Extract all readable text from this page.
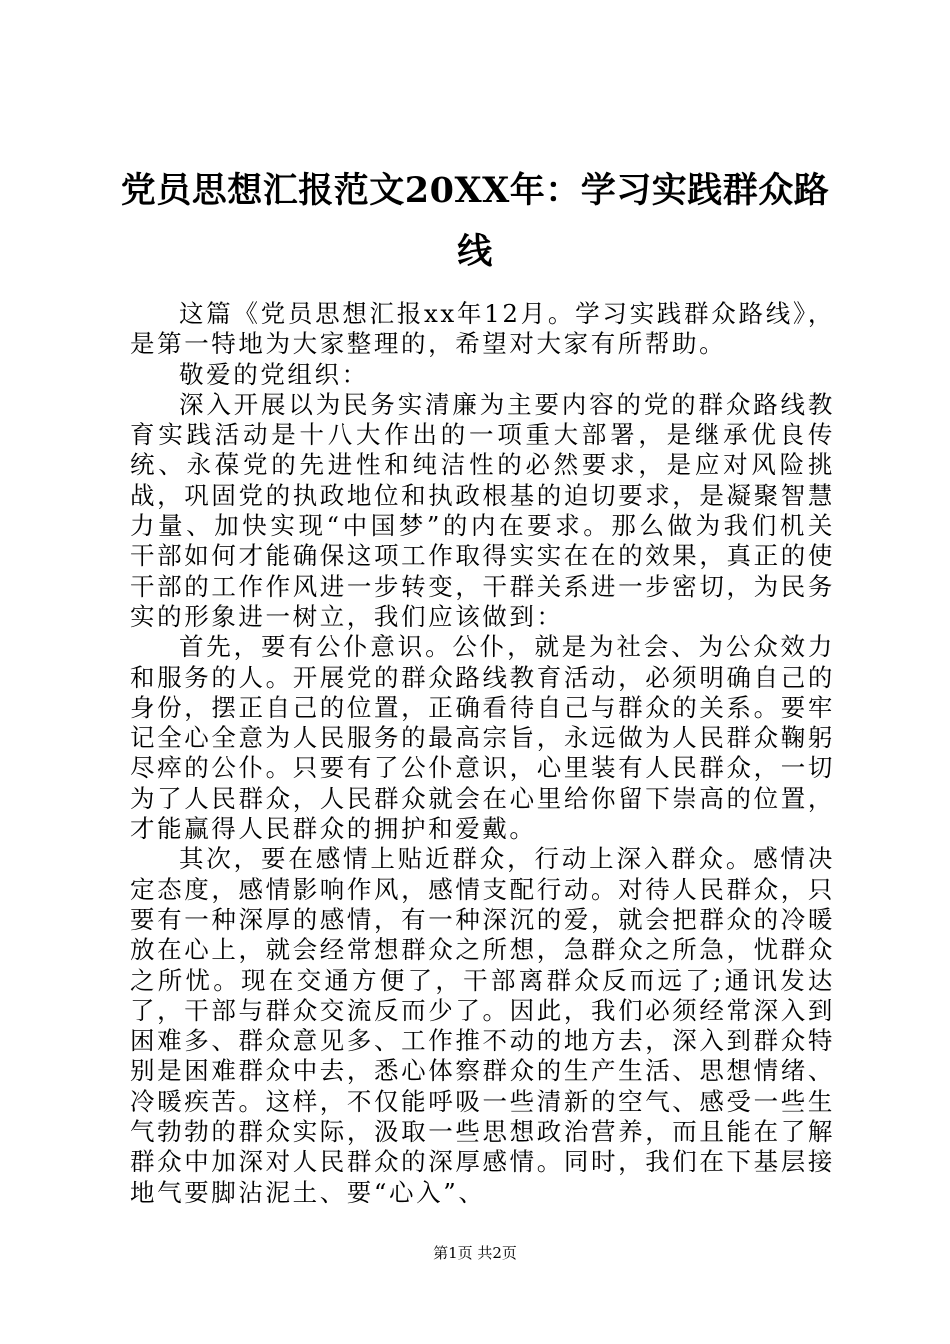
党员思想汇报范文20XX年：学习实践群众路线

这篇《党员思想汇报xx年12月。学习实践群众路线》，是第一特地为大家整理的，希望对大家有所帮助。

敬爱的党组织：

深入开展以为民务实清廉为主要内容的党的群众路线教育实践活动是十八大作出的一项重大部署，是继承优良传统、永葆党的先进性和纯洁性的必然要求，是应对风险挑战，巩固党的执政地位和执政根基的迫切要求，是凝聚智慧力量、加快实现“中国梦”的内在要求。那么做为我们机关干部如何才能确保这项工作取得实实在在的效果，真正的使干部的工作作风进一步转变，干群关系进一步密切，为民务实的形象进一树立，我们应该做到：

首先，要有公仆意识。公仆，就是为社会、为公众效力和服务的人。开展党的群众路线教育活动，必须明确自己的身份，摆正自己的位置，正确看待自己与群众的关系。要牢记全心全意为人民服务的最高宗旨，永远做为人民群众鞠躬尽瘁的公仆。只要有了公仆意识，心里装有人民群众，一切为了人民群众，人民群众就会在心里给你留下崇高的位置，才能赢得人民群众的拥护和爱戴。

其次，要在感情上贴近群众，行动上深入群众。感情决定态度，感情影响作风，感情支配行动。对待人民群众，只要有一种深厚的感情，有一种深沉的爱，就会把群众的冷暖放在心上，就会经常想群众之所想，急群众之所急，忧群众之所忧。现在交通方便了，干部离群众反而远了;通讯发达了，干部与群众交流反而少了。因此，我们必须经常深入到困难多、群众意见多、工作推不动的地方去，深入到群众特别是困难群众中去，悉心体察群众的生产生活、思想情绪、冷暖疾苦。这样，不仅能呼吸一些清新的空气、感受一些生气勃勃的群众实际，汲取一些思想政治营养，而且能在了解群众中加深对人民群众的深厚感情。同时，我们在下基层接地气要脚沾泥土、要“心入”、

第1页 共2页
